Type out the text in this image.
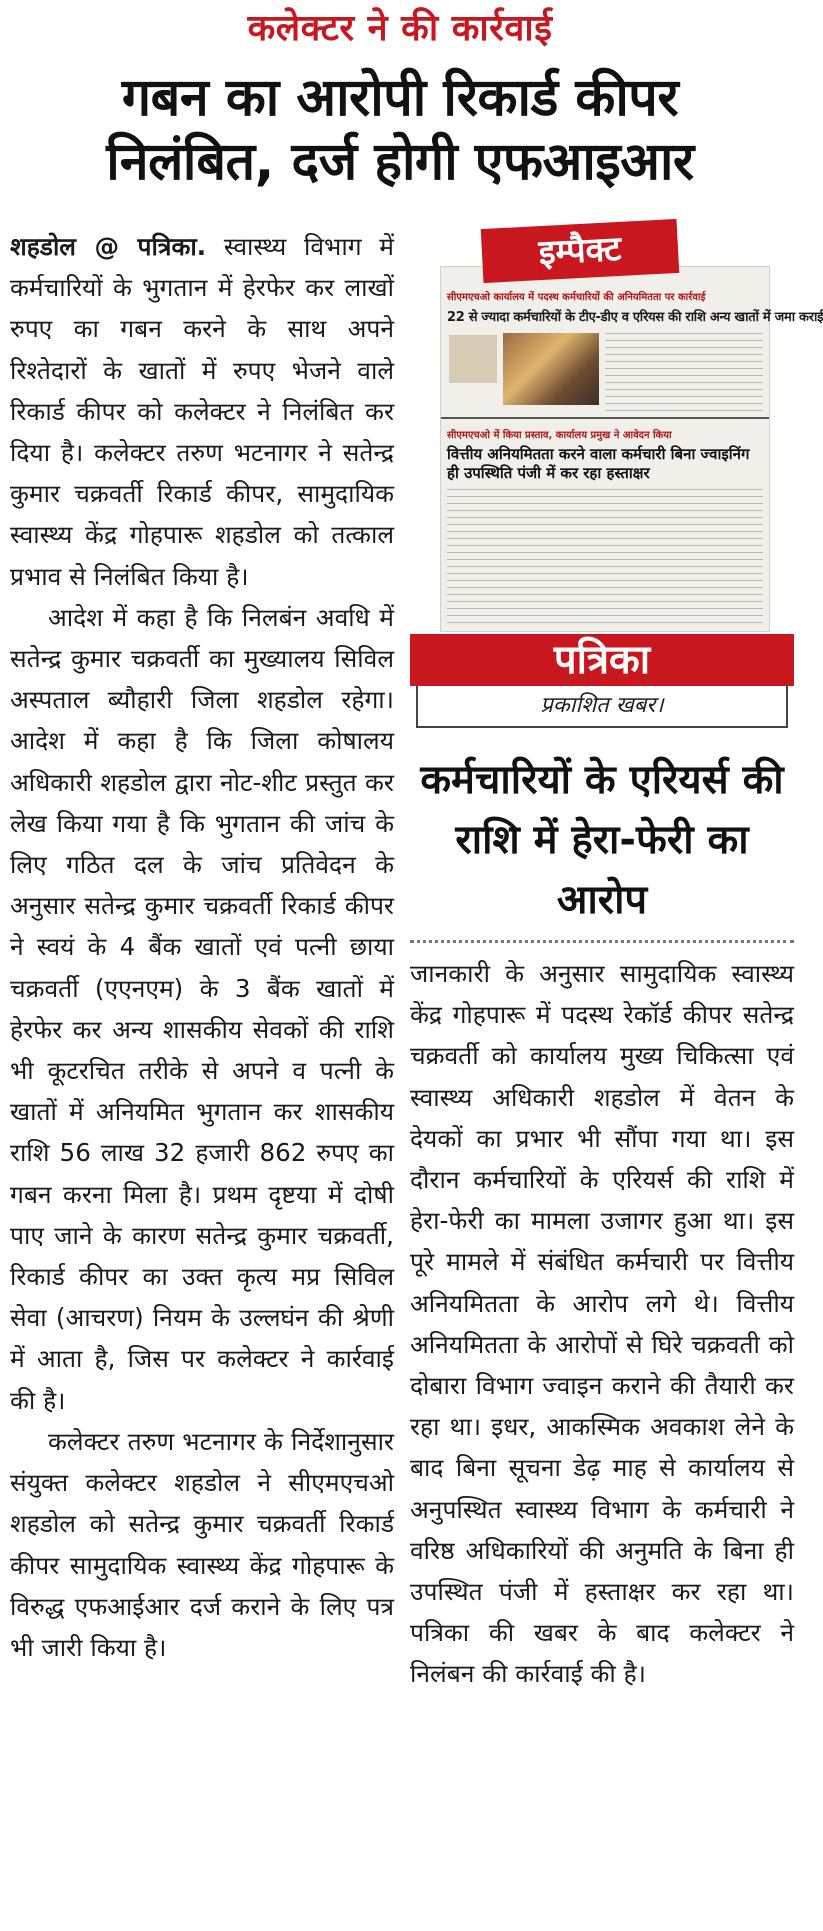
कलेक्टर ने की कार्रवाई
गबन का आरोपी रिकार्ड कीपर
निलंबित, दर्ज होगी एफआइआर

शहडोल @ पत्रिका. स्वास्थ्य विभाग में कर्मचारियों के भुगतान में हेरफेर कर लाखों रुपए का गबन करने के साथ अपने रिश्तेदारों के खातों में रुपए भेजने वाले रिकार्ड कीपर को कलेक्टर ने निलंबित कर दिया है। कलेक्टर तरुण भटनागर ने सतेन्द्र कुमार चक्रवर्ती रिकार्ड कीपर, सामुदायिक स्वास्थ्य केंद्र गोहपारू शहडोल को तत्काल प्रभाव से निलंबित किया है।

आदेश में कहा है कि निलबंन अवधि में सतेन्द्र कुमार चक्रवर्ती का मुख्यालय सिविल अस्पताल ब्यौहारी जिला शहडोल रहेगा। आदेश में कहा है कि जिला कोषालय अधिकारी शहडोल द्वारा नोट-शीट प्रस्तुत कर लेख किया गया है कि भुगतान की जांच के लिए गठित दल के जांच प्रतिवेदन के अनुसार सतेन्द्र कुमार चक्रवर्ती रिकार्ड कीपर ने स्वयं के 4 बैंक खातों एवं पत्नी छाया चक्रवर्ती (एएनएम) के 3 बैंक खातों में हेरफेर कर अन्य शासकीय सेवकों की राशि भी कूटरचित तरीके से अपने व पत्नी के खातों में अनियमित भुगतान कर शासकीय राशि 56 लाख 32 हजारी 862 रुपए का गबन करना मिला है। प्रथम दृष्टया में दोषी पाए जाने के कारण सतेन्द्र कुमार चक्रवर्ती, रिकार्ड कीपर का उक्त कृत्य मप्र सिविल सेवा (आचरण) नियम के उल्लघंन की श्रेणी में आता है, जिस पर कलेक्टर ने कार्रवाई की है।

कलेक्टर तरुण भटनागर के निर्देशानुसार संयुक्त कलेक्टर शहडोल ने सीएमएचओ शहडोल को सतेन्द्र कुमार चक्रवर्ती रिकार्ड कीपर सामुदायिक स्वास्थ्य केंद्र गोहपारू के विरुद्ध एफआईआर दर्ज कराने के लिए पत्र भी जारी किया है।

इम्पैक्ट
सीएमएचओ कार्यालय में पदस्थ कर्मचारियों की अनियमितता पर कार्रवाई
22 से ज्यादा कर्मचारियों के टीए-डीए व एरियस की राशि अन्य खातों में जमा कराई
सीएमएचओ में किया प्रस्ताव, कार्यालय प्रमुख ने आवेदन किया
वित्तीय अनियमितता करने वाला कर्मचारी बिना ज्वाइनिंग ही उपस्थिति पंजी में कर रहा हस्ताक्षर
पत्रिका
प्रकाशित खबर।
कर्मचारियों के एरियर्स की राशि में हेरा-फेरी का आरोप

जानकारी के अनुसार सामुदायिक स्वास्थ्य केंद्र गोहपारू में पदस्थ रेकॉर्ड कीपर सतेन्द्र चक्रवर्ती को कार्यालय मुख्य चिकित्सा एवं स्वास्थ्य अधिकारी शहडोल में वेतन के देयकों का प्रभार भी सौंपा गया था। इस दौरान कर्मचारियों के एरियर्स की राशि में हेरा-फेरी का मामला उजागर हुआ था। इस पूरे मामले में संबंधित कर्मचारी पर वित्तीय अनियमितता के आरोप लगे थे। वित्तीय अनियमितता के आरोपों से घिरे चक्रवती को दोबारा विभाग ज्वाइन कराने की तैयारी कर रहा था। इधर, आकस्मिक अवकाश लेने के बाद बिना सूचना डेढ़ माह से कार्यालय से अनुपस्थित स्वास्थ्य विभाग के कर्मचारी ने वरिष्ठ अधिकारियों की अनुमति के बिना ही उपस्थित पंजी में हस्ताक्षर कर रहा था। पत्रिका की खबर के बाद कलेक्टर ने निलंबन की कार्रवाई की है।
